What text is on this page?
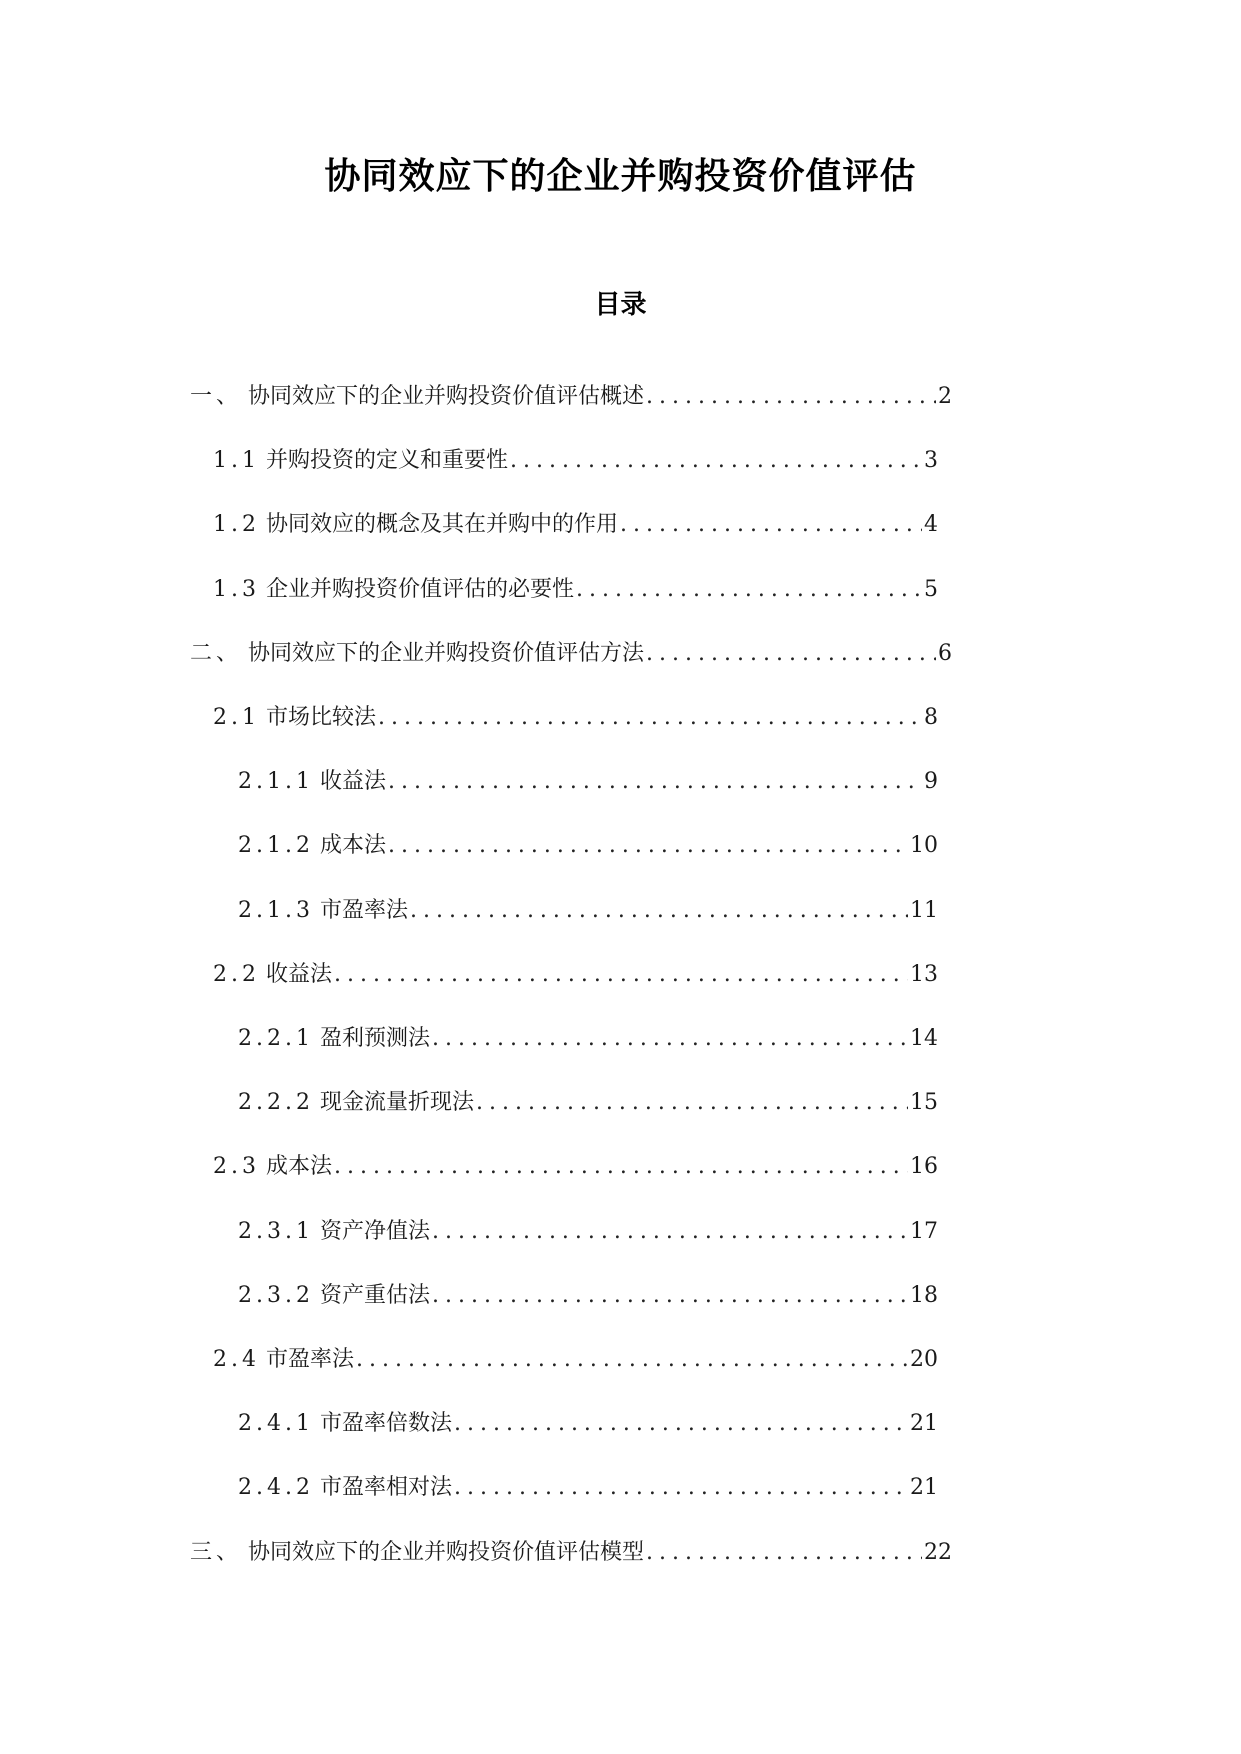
协同效应下的企业并购投资价值评估
目录
一、 协同效应下的企业并购投资价值评估概述 .....	2
1.1 并购投资的定义和重要性 .....	3
1.2 协同效应的概念及其在并购中的作用 .....	4
1.3 企业并购投资价值评估的必要性 .....	5
二、 协同效应下的企业并购投资价值评估方法 .....	6
2.1 市场比较法 .....	8
2.1.1 收益法 .....	9
2.1.2 成本法 .....	10
2.1.3 市盈率法 .....	11
2.2 收益法 .....	13
2.2.1 盈利预测法 .....	14
2.2.2 现金流量折现法 .....	15
2.3 成本法 .....	16
2.3.1 资产净值法 .....	17
2.3.2 资产重估法 .....	18
2.4 市盈率法 .....	20
2.4.1 市盈率倍数法 .....	21
2.4.2 市盈率相对法 .....	21
三、 协同效应下的企业并购投资价值评估模型 .....	22
